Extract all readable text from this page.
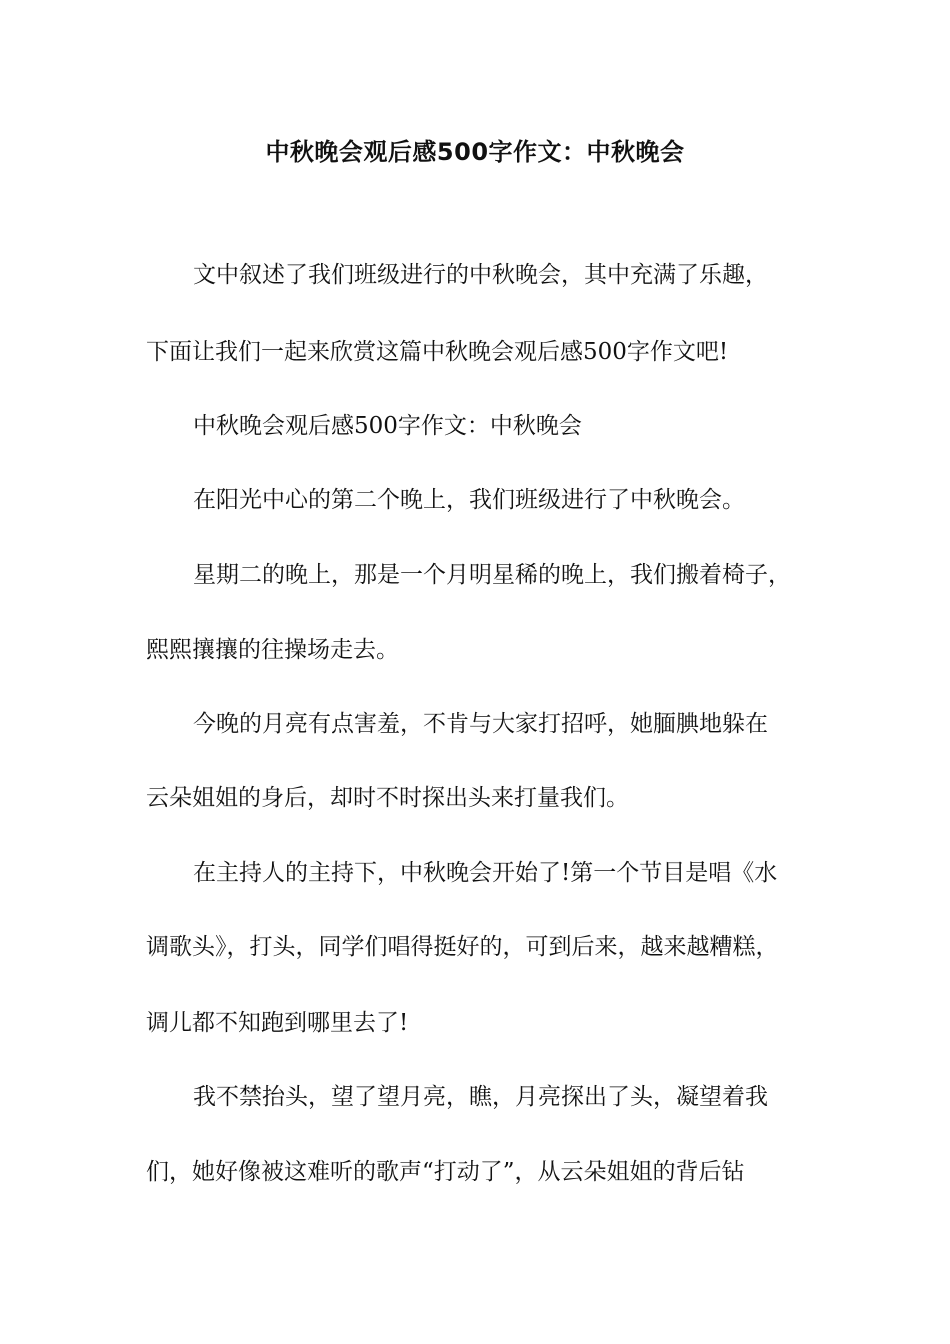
中秋晚会观后感500字作文：中秋晚会
文中叙述了我们班级进行的中秋晚会，其中充满了乐趣，
下面让我们一起来欣赏这篇中秋晚会观后感500字作文吧!
中秋晚会观后感500字作文：中秋晚会
在阳光中心的第二个晚上，我们班级进行了中秋晚会。
星期二的晚上，那是一个月明星稀的晚上，我们搬着椅子，
熙熙攘攘的往操场走去。
今晚的月亮有点害羞，不肯与大家打招呼，她腼腆地躲在
云朵姐姐的身后，却时不时探出头来打量我们。
在主持人的主持下，中秋晚会开始了!第一个节目是唱《水
调歌头》，打头，同学们唱得挺好的，可到后来，越来越糟糕，
调儿都不知跑到哪里去了!
我不禁抬头，望了望月亮，瞧，月亮探出了头，凝望着我
们，她好像被这难听的歌声“打动了”，从云朵姐姐的背后钻
